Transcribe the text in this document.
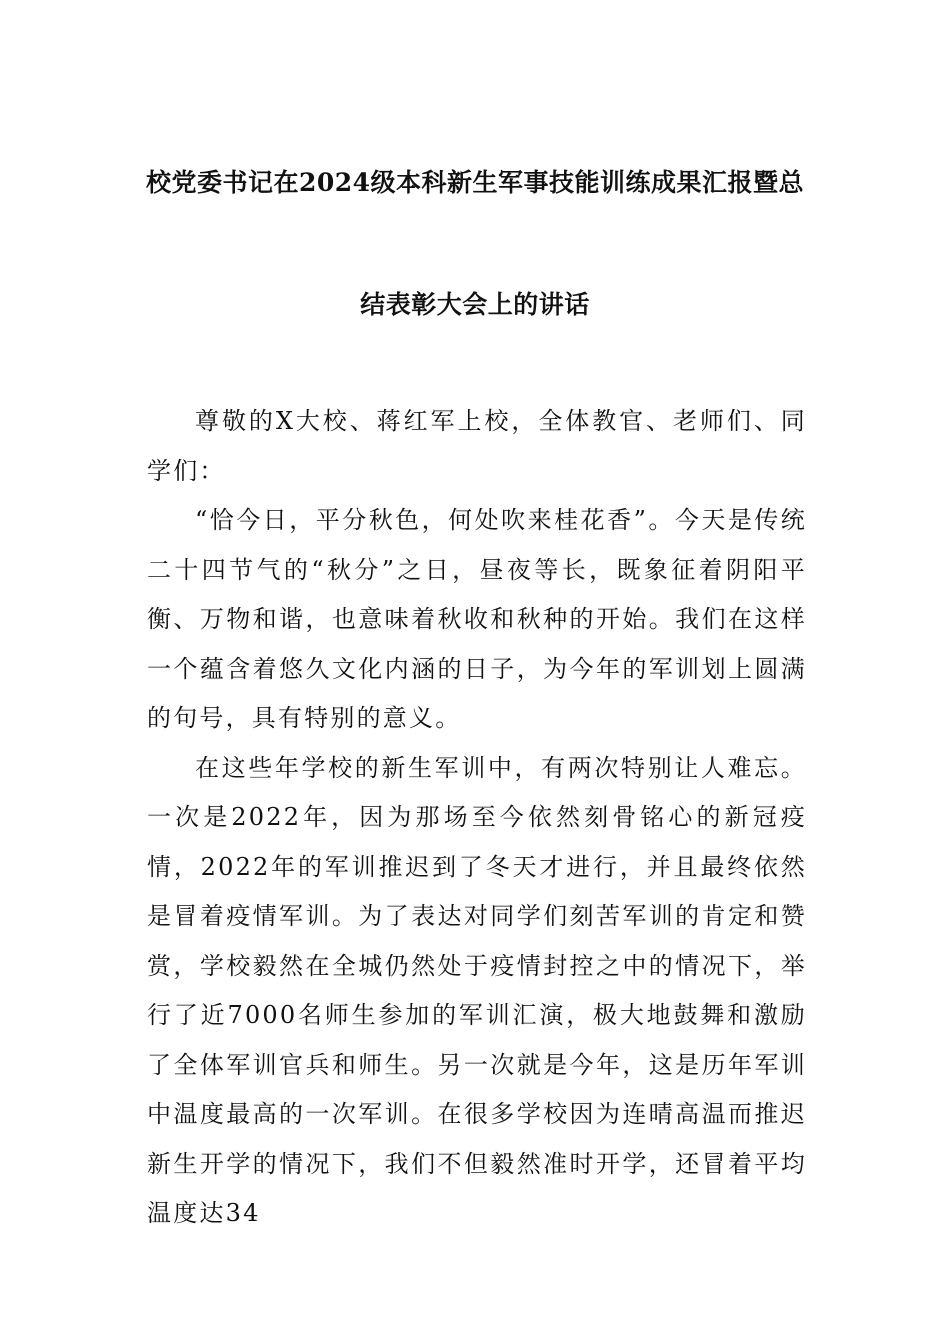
校党委书记在2024级本科新生军事技能训练成果汇报暨总
结表彰大会上的讲话

尊敬的X大校、蒋红军上校，全体教官、老师们、同学们：

“恰今日，平分秋色，何处吹来桂花香”。今天是传统二十四节气的“秋分”之日，昼夜等长，既象征着阴阳平衡、万物和谐，也意味着秋收和秋种的开始。我们在这样一个蕴含着悠久文化内涵的日子，为今年的军训划上圆满的句号，具有特别的意义。

在这些年学校的新生军训中，有两次特别让人难忘。一次是2022年，因为那场至今依然刻骨铭心的新冠疫情，2022年的军训推迟到了冬天才进行，并且最终依然是冒着疫情军训。为了表达对同学们刻苦军训的肯定和赞赏，学校毅然在全城仍然处于疫情封控之中的情况下，举行了近7000名师生参加的军训汇演，极大地鼓舞和激励了全体军训官兵和师生。另一次就是今年，这是历年军训中温度最高的一次军训。在很多学校因为连晴高温而推迟新生开学的情况下，我们不但毅然准时开学，还冒着平均温度达34
